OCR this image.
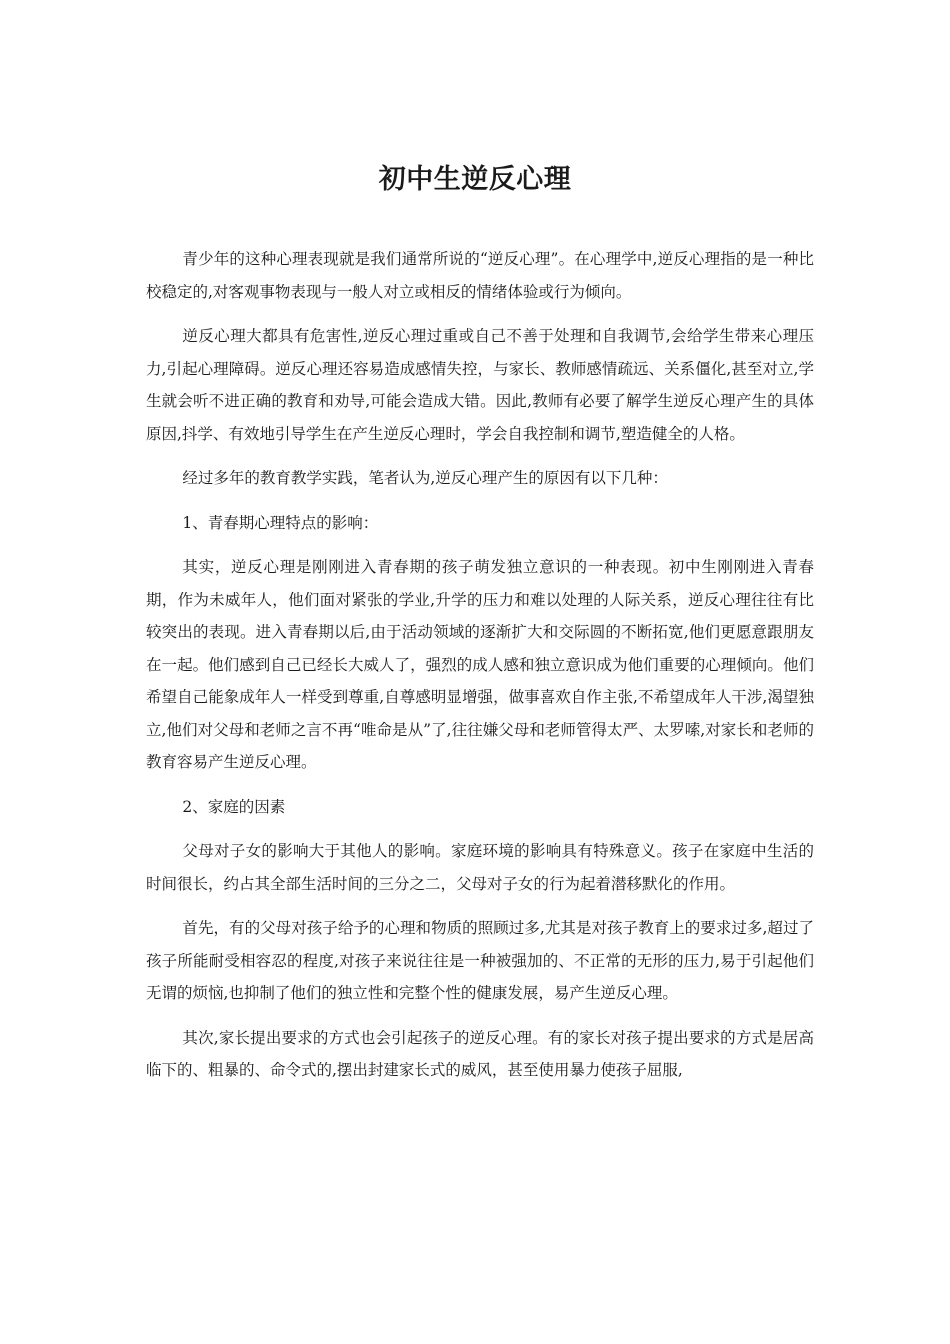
初中生逆反心理

青少年的这种心理表现就是我们通常所说的“逆反心理”。在心理学中,逆反心理指的是一种比校稳定的,对客观事物表现与一般人对立或相反的情绪体验或行为倾向。

逆反心理大都具有危害性,逆反心理过重或自己不善于处理和自我调节,会给学生带来心理压力,引起心理障碍。逆反心理还容易造成感情失控，与家长、教师感情疏远、关系僵化,甚至对立,学生就会听不进正确的教育和劝导,可能会造成大错。因此,教师有必要了解学生逆反心理产生的具体原因,抖学、有效地引导学生在产生逆反心理时，学会自我控制和调节,塑造健全的人格。

经过多年的教育教学实践，笔者认为,逆反心理产生的原因有以下几种：

1、青春期心理特点的影响：

其实，逆反心理是刚刚进入青春期的孩子萌发独立意识的一种表现。初中生刚刚进入青春期，作为未威年人，他们面对紧张的学业,升学的压力和难以处理的人际关系，逆反心理往往有比较突出的表现。进入青春期以后,由于活动领域的逐渐扩大和交际圆的不断拓宽,他们更愿意跟朋友在一起。他们感到自己已经长大威人了，强烈的成人感和独立意识成为他们重要的心理倾向。他们希望自己能象成年人一样受到尊重,自尊感明显增强，做事喜欢自作主张,不希望成年人干涉,渴望独立,他们对父母和老师之言不再“唯命是从”了,往往嫌父母和老师管得太严、太罗嗦,对家长和老师的教育容易产生逆反心理。

2、家庭的因素

父母对子女的影响大于其他人的影响。家庭环境的影响具有特殊意义。孩子在家庭中生活的时间很长，约占其全部生活时间的三分之二，父母对子女的行为起着潜移默化的作用。

首先，有的父母对孩子给予的心理和物质的照顾过多,尤其是对孩子教育上的要求过多,超过了孩子所能耐受相容忍的程度,对孩子来说往往是一种被强加的、不正常的无形的压力,易于引起他们无谓的烦恼,也抑制了他们的独立性和完整个性的健康发展，易产生逆反心理。

其次,家长提出要求的方式也会引起孩子的逆反心理。有的家长对孩子提出要求的方式是居高临下的、粗暴的、命令式的,摆出封建家长式的威风，甚至使用暴力使孩子屈服,
